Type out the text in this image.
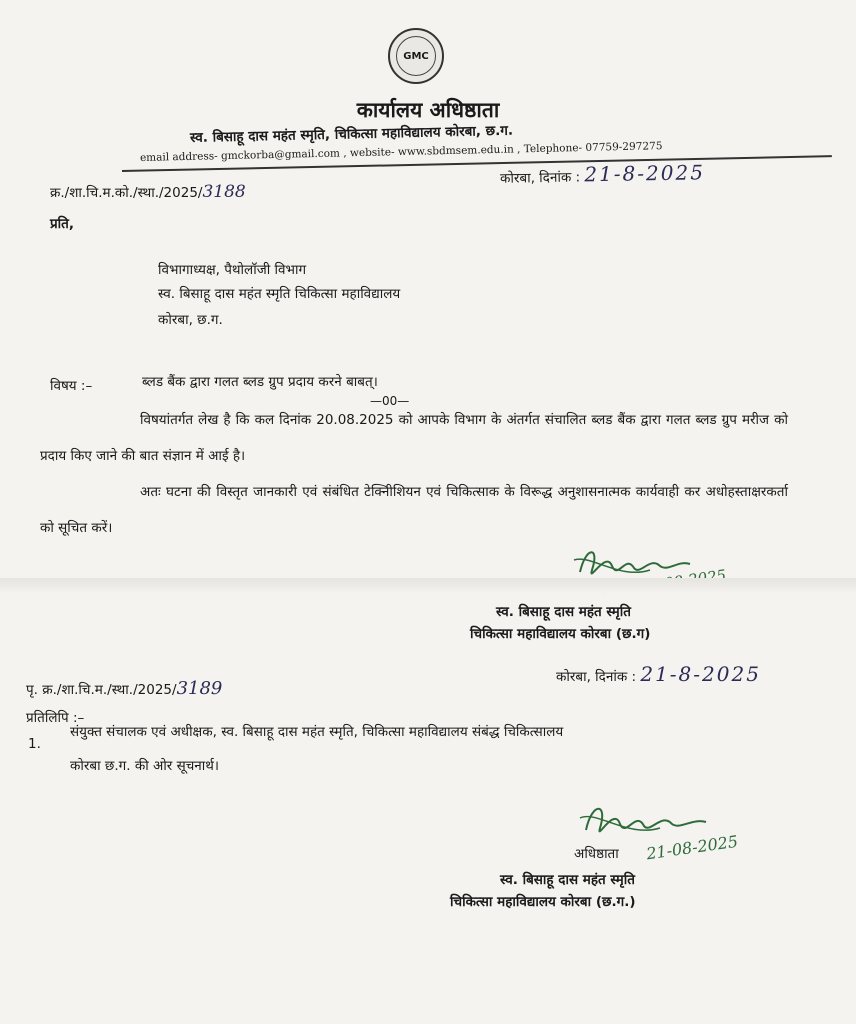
GMC
कार्यालय अधिष्ठाता
स्व. बिसाहू दास महंत स्मृति, चिकित्सा महाविद्यालय कोरबा, छ.ग.
email address- gmckorba@gmail.com , website- www.sbdmsem.edu.in , Telephone- 07759-297275
क्र./शा.चि.म.को./स्था./2025/3188
कोरबा, दिनांक : 21-8-2025
प्रति,
विभागाध्यक्ष, पैथोलॉजी विभाग
स्व. बिसाहू दास महंत स्मृति चिकित्सा महाविद्यालय
कोरबा, छ.ग.
विषय :–	ब्लड बैंक द्वारा गलत ब्लड ग्रुप प्रदाय करने बाबत्।
—00—
विषयांतर्गत लेख है कि कल दिनांक 20.08.2025 को आपके विभाग के अंतर्गत संचालित ब्लड बैंक द्वारा गलत ब्लड ग्रुप मरीज को प्रदाय किए जाने की बात संज्ञान में आई है।
अतः घटना की विस्तृत जानकारी एवं संबंधित टेक्निीशियन एवं चिकित्साक के विरूद्ध अनुशासनात्मक कार्यवाही कर अधोहस्ताक्षरकर्ता को सूचित करें।
स्व. बिसाहू दास महंत स्मृति
चिकित्सा महाविद्यालय कोरबा (छ.ग)
पृ. क्र./शा.चि.म./स्था./2025/3189
कोरबा, दिनांक : 21-8-2025
प्रतिलिपि :–
1.
संयुक्त संचालक एवं अधीक्षक, स्व. बिसाहू दास महंत स्मृति, चिकित्सा महाविद्यालय संबंद्ध चिकित्सालय
कोरबा छ.ग. की ओर सूचनार्थ।
अधिष्ठाता 21-08-2025
स्व. बिसाहू दास महंत स्मृति
चिकित्सा महाविद्यालय कोरबा (छ.ग.)
